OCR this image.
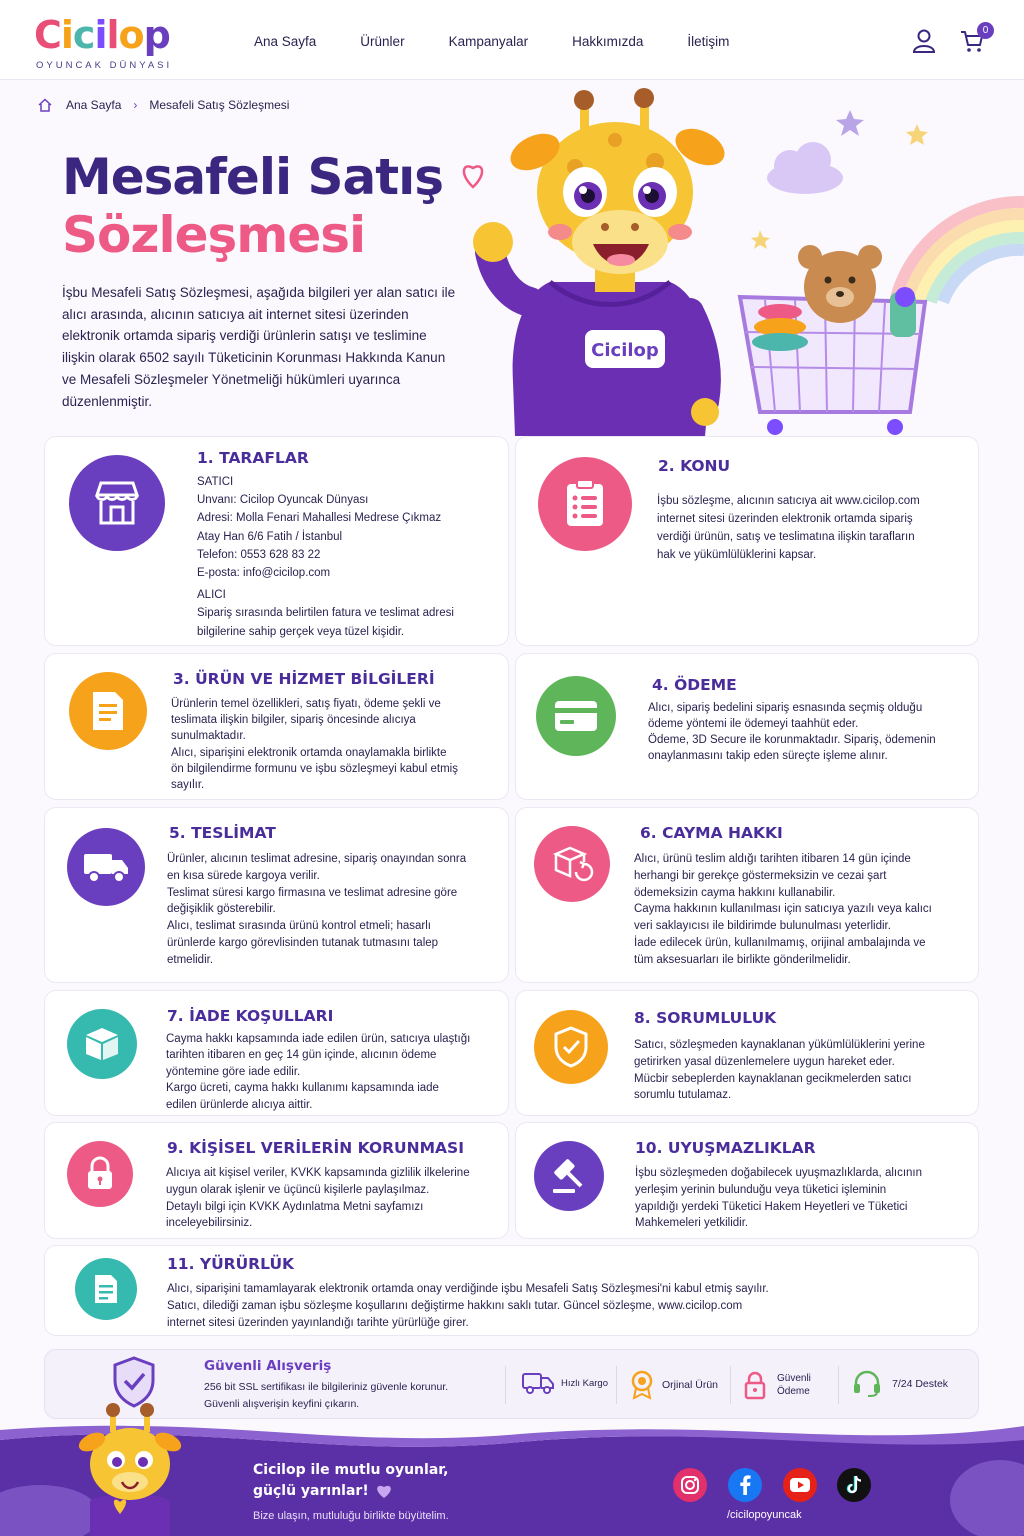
Cicilop
OYUNCAK DÜNYASI
Ana Sayfa	Ürünler	Kampanyalar	Hakkımızda	İletişim
0
Ana Sayfa › Mesafeli Satış Sözleşmesi
Mesafeli Satış
Sözleşmesi
İşbu Mesafeli Satış Sözleşmesi, aşağıda bilgileri yer alan satıcı ile alıcı arasında, alıcının satıcıya ait internet sitesi üzerinden elektronik ortamda sipariş verdiği ürünlerin satışı ve teslimine ilişkin olarak 6502 sayılı Tüketicinin Korunması Hakkında Kanun ve Mesafeli Sözleşmeler Yönetmeliği hükümleri uyarınca düzenlenmiştir.
Cicilop
1. TARAFLAR

SATICI

Unvanı: Cicilop Oyuncak Dünyası

Adresi: Molla Fenari Mahallesi Medrese Çıkmaz

Atay Han 6/6 Fatih / İstanbul

Telefon: 0553 628 83 22

E-posta: info@cicilop.com

ALICI

Sipariş sırasında belirtilen fatura ve teslimat adresi

bilgilerine sahip gerçek veya tüzel kişidir.

2. KONU

İşbu sözleşme, alıcının satıcıya ait www.cicilop.com

internet sitesi üzerinden elektronik ortamda sipariş

verdiği ürünün, satış ve teslimatına ilişkin tarafların

hak ve yükümlülüklerini kapsar.

3. ÜRÜN VE HİZMET BİLGİLERİ

Ürünlerin temel özellikleri, satış fiyatı, ödeme şekli ve

teslimata ilişkin bilgiler, sipariş öncesinde alıcıya

sunulmaktadır.

Alıcı, siparişini elektronik ortamda onaylamakla birlikte

ön bilgilendirme formunu ve işbu sözleşmeyi kabul etmiş

sayılır.

4. ÖDEME

Alıcı, sipariş bedelini sipariş esnasında seçmiş olduğu

ödeme yöntemi ile ödemeyi taahhüt eder.

Ödeme, 3D Secure ile korunmaktadır. Sipariş, ödemenin

onaylanmasını takip eden süreçte işleme alınır.

5. TESLİMAT

Ürünler, alıcının teslimat adresine, sipariş onayından sonra

en kısa sürede kargoya verilir.

Teslimat süresi kargo firmasına ve teslimat adresine göre

değişiklik gösterebilir.

Alıcı, teslimat sırasında ürünü kontrol etmeli; hasarlı

ürünlerde kargo görevlisinden tutanak tutmasını talep

etmelidir.

6. CAYMA HAKKI

Alıcı, ürünü teslim aldığı tarihten itibaren 14 gün içinde

herhangi bir gerekçe göstermeksizin ve cezai şart

ödemeksizin cayma hakkını kullanabilir.

Cayma hakkının kullanılması için satıcıya yazılı veya kalıcı

veri saklayıcısı ile bildirimde bulunulması yeterlidir.

İade edilecek ürün, kullanılmamış, orijinal ambalajında ve

tüm aksesuarları ile birlikte gönderilmelidir.

7. İADE KOŞULLARI

Cayma hakkı kapsamında iade edilen ürün, satıcıya ulaştığı

tarihten itibaren en geç 14 gün içinde, alıcının ödeme

yöntemine göre iade edilir.

Kargo ücreti, cayma hakkı kullanımı kapsamında iade

edilen ürünlerde alıcıya aittir.

8. SORUMLULUK

Satıcı, sözleşmeden kaynaklanan yükümlülüklerini yerine

getirirken yasal düzenlemelere uygun hareket eder.

Mücbir sebeplerden kaynaklanan gecikmelerden satıcı

sorumlu tutulamaz.

9. KİŞİSEL VERİLERİN KORUNMASI

Alıcıya ait kişisel veriler, KVKK kapsamında gizlilik ilkelerine

uygun olarak işlenir ve üçüncü kişilerle paylaşılmaz.

Detaylı bilgi için KVKK Aydınlatma Metni sayfamızı

inceleyebilirsiniz.

10. UYUŞMAZLIKLAR

İşbu sözleşmeden doğabilecek uyuşmazlıklarda, alıcının

yerleşim yerinin bulunduğu veya tüketici işleminin

yapıldığı yerdeki Tüketici Hakem Heyetleri ve Tüketici

Mahkemeleri yetkilidir.

11. YÜRÜRLÜK

Alıcı, siparişini tamamlayarak elektronik ortamda onay verdiğinde işbu Mesafeli Satış Sözleşmesi'ni kabul etmiş sayılır.

Satıcı, dilediği zaman işbu sözleşme koşullarını değiştirme hakkını saklı tutar. Güncel sözleşme, www.cicilop.com

internet sitesi üzerinden yayınlandığı tarihte yürürlüğe girer.

Güvenli Alışveriş
256 bit SSL sertifikası ile bilgileriniz güvenle korunur.
Güvenli alışverişin keyfini çıkarın.
Hızlı Kargo	Orjinal Ürün
Güvenli Ödeme
7/24 Destek
Cicilop ile mutlu oyunlar,
güçlü yarınlar!
Bize ulaşın, mutluluğu birlikte büyütelim.	/cicilopoyuncak
